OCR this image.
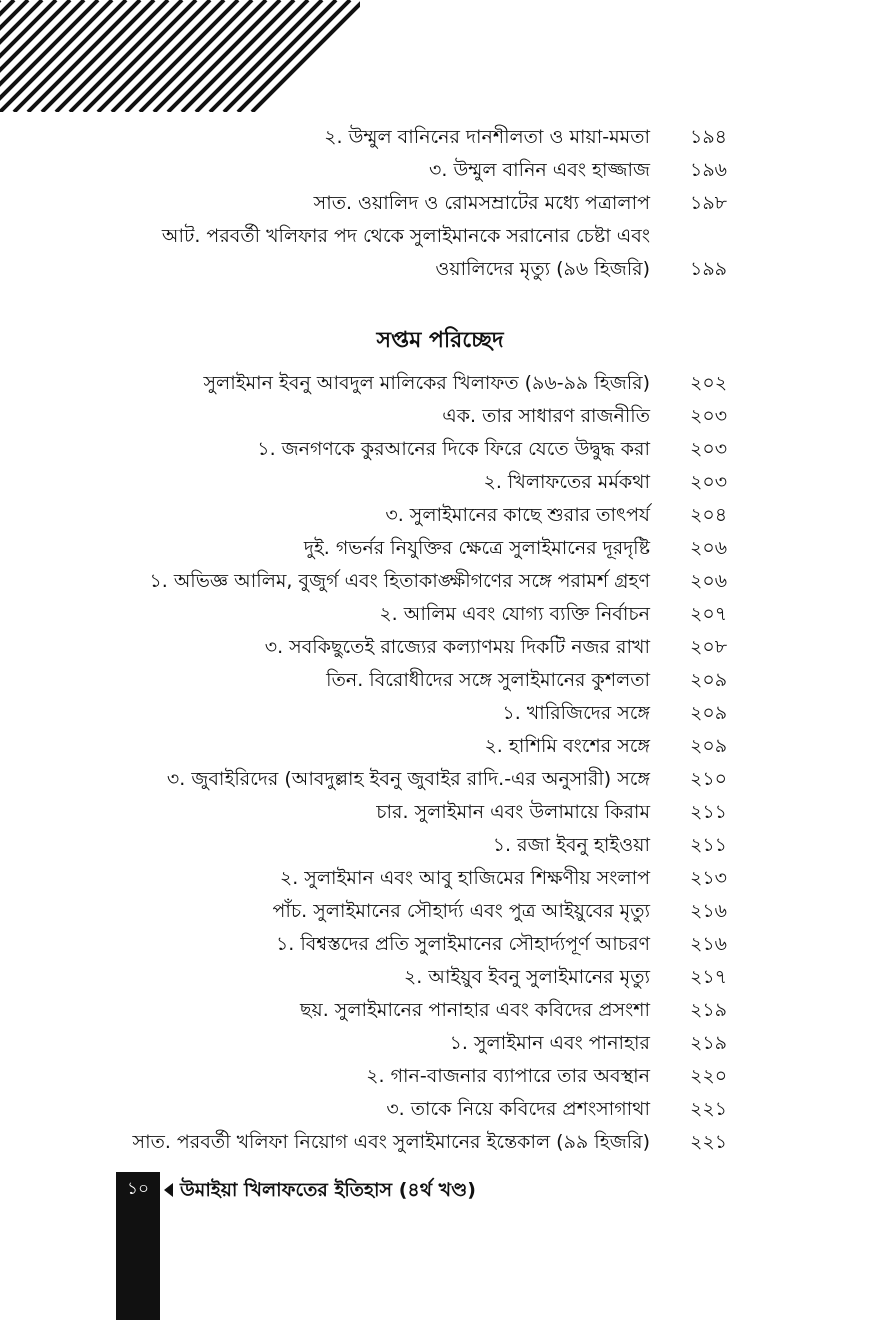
২. উম্মুল বানিনের দানশীলতা ও মায়া-মমতা ১৯৪
৩. উম্মুল বানিন এবং হাজ্জাজ ১৯৬
সাত. ওয়ালিদ ও রোমসম্রাটের মধ্যে পত্রালাপ ১৯৮
আট. পরবর্তী খলিফার পদ থেকে সুলাইমানকে সরানোর চেষ্টা এবং
ওয়ালিদের মৃত্যু (৯৬ হিজরি) ১৯৯
সপ্তম পরিচ্ছেদ
সুলাইমান ইবনু আবদুল মালিকের খিলাফত (৯৬-৯৯ হিজরি) ২০২
এক. তার সাধারণ রাজনীতি ২০৩
১. জনগণকে কুরআনের দিকে ফিরে যেতে উদ্বুদ্ধ করা ২০৩
২. খিলাফতের মর্মকথা ২০৩
৩. সুলাইমানের কাছে শুরার তাৎপর্য ২০৪
দুই. গভর্নর নিযুক্তির ক্ষেত্রে সুলাইমানের দূরদৃষ্টি ২০৬
১. অভিজ্ঞ আলিম, বুজুর্গ এবং হিতাকাঙ্ক্ষীগণের সঙ্গে পরামর্শ গ্রহণ ২০৬
২. আলিম এবং যোগ্য ব্যক্তি নির্বাচন ২০৭
৩. সবকিছুতেই রাজ্যের কল্যাণময় দিকটি নজর রাখা ২০৮
তিন. বিরোধীদের সঙ্গে সুলাইমানের কুশলতা ২০৯
১. খারিজিদের সঙ্গে ২০৯
২. হাশিমি বংশের সঙ্গে ২০৯
৩. জুবাইরিদের (আবদুল্লাহ ইবনু জুবাইর রাদি.-এর অনুসারী) সঙ্গে ২১০
চার. সুলাইমান এবং উলামায়ে কিরাম ২১১
১. রজা ইবনু হাইওয়া ২১১
২. সুলাইমান এবং আবু হাজিমের শিক্ষণীয় সংলাপ ২১৩
পাঁচ. সুলাইমানের সৌহার্দ্য এবং পুত্র আইয়ুবের মৃত্যু ২১৬
১. বিশ্বস্তদের প্রতি সুলাইমানের সৌহার্দ্যপূর্ণ আচরণ ২১৬
২. আইয়ুব ইবনু সুলাইমানের মৃত্যু ২১৭
ছয়. সুলাইমানের পানাহার এবং কবিদের প্রসংশা ২১৯
১. সুলাইমান এবং পানাহার ২১৯
২. গান-বাজনার ব্যাপারে তার অবস্থান ২২০
৩. তাকে নিয়ে কবিদের প্রশংসাগাথা ২২১
সাত. পরবর্তী খলিফা নিয়োগ এবং সুলাইমানের ইন্তেকাল (৯৯ হিজরি) ২২১
১০	উমাইয়া খিলাফতের ইতিহাস (৪র্থ খণ্ড)
